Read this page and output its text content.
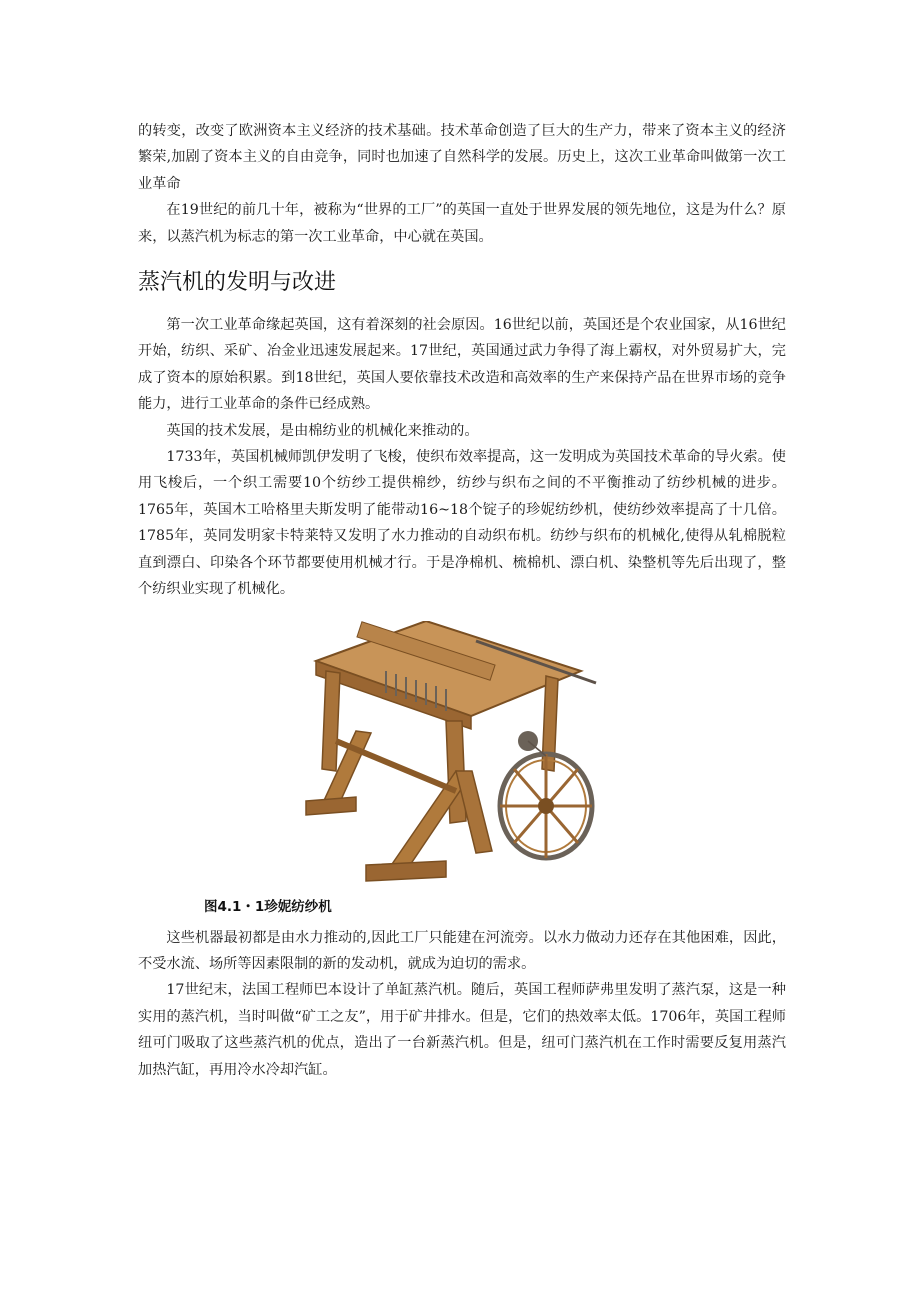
的转变，改变了欧洲资本主义经济的技术基础。技术革命创造了巨大的生产力，带来了资本主义的经济繁荣,加剧了资本主义的自由竞争，同时也加速了自然科学的发展。历史上，这次工业革命叫做第一次工业革命

在19世纪的前几十年，被称为“世界的工厂”的英国一直处于世界发展的领先地位，这是为什么？原来，以蒸汽机为标志的第一次工业革命，中心就在英国。

蒸汽机的发明与改进

第一次工业革命缘起英国，这有着深刻的社会原因。16世纪以前，英国还是个农业国家，从16世纪开始，纺织、采矿、冶金业迅速发展起来。17世纪，英国通过武力争得了海上霸权，对外贸易扩大，完成了资本的原始积累。到18世纪，英国人要依靠技术改造和高效率的生产来保持产品在世界市场的竞争能力，进行工业革命的条件已经成熟。

英国的技术发展，是由棉纺业的机械化来推动的。

1733年，英国机械师凯伊发明了飞梭，使织布效率提高，这一发明成为英国技术革命的导火索。使用飞梭后，一个织工需要10个纺纱工提供棉纱，纺纱与织布之间的不平衡推动了纺纱机械的进步。1765年，英国木工哈格里夫斯发明了能带动16~18个锭子的珍妮纺纱机，使纺纱效率提高了十几倍。1785年，英同发明家卡特莱特又发明了水力推动的自动织布机。纺纱与织布的机械化,使得从轧棉脱粒直到漂白、印染各个环节都要使用机械才行。于是净棉机、梳棉机、漂白机、染整机等先后出现了，整个纺织业实现了机械化。

图4.1・1珍妮纺纱机

这些机器最初都是由水力推动的,因此工厂只能建在河流旁。以水力做动力还存在其他困难，因此，不受水流、场所等因素限制的新的发动机，就成为迫切的需求。

17世纪末，法国工程师巴本设计了单缸蒸汽机。随后，英国工程师萨弗里发明了蒸汽泵，这是一种实用的蒸汽机，当时叫做“矿工之友”，用于矿井排水。但是，它们的热效率太低。1706年，英国工程师纽可门吸取了这些蒸汽机的优点，造出了一台新蒸汽机。但是，纽可门蒸汽机在工作时需要反复用蒸汽加热汽缸，再用冷水冷却汽缸。
